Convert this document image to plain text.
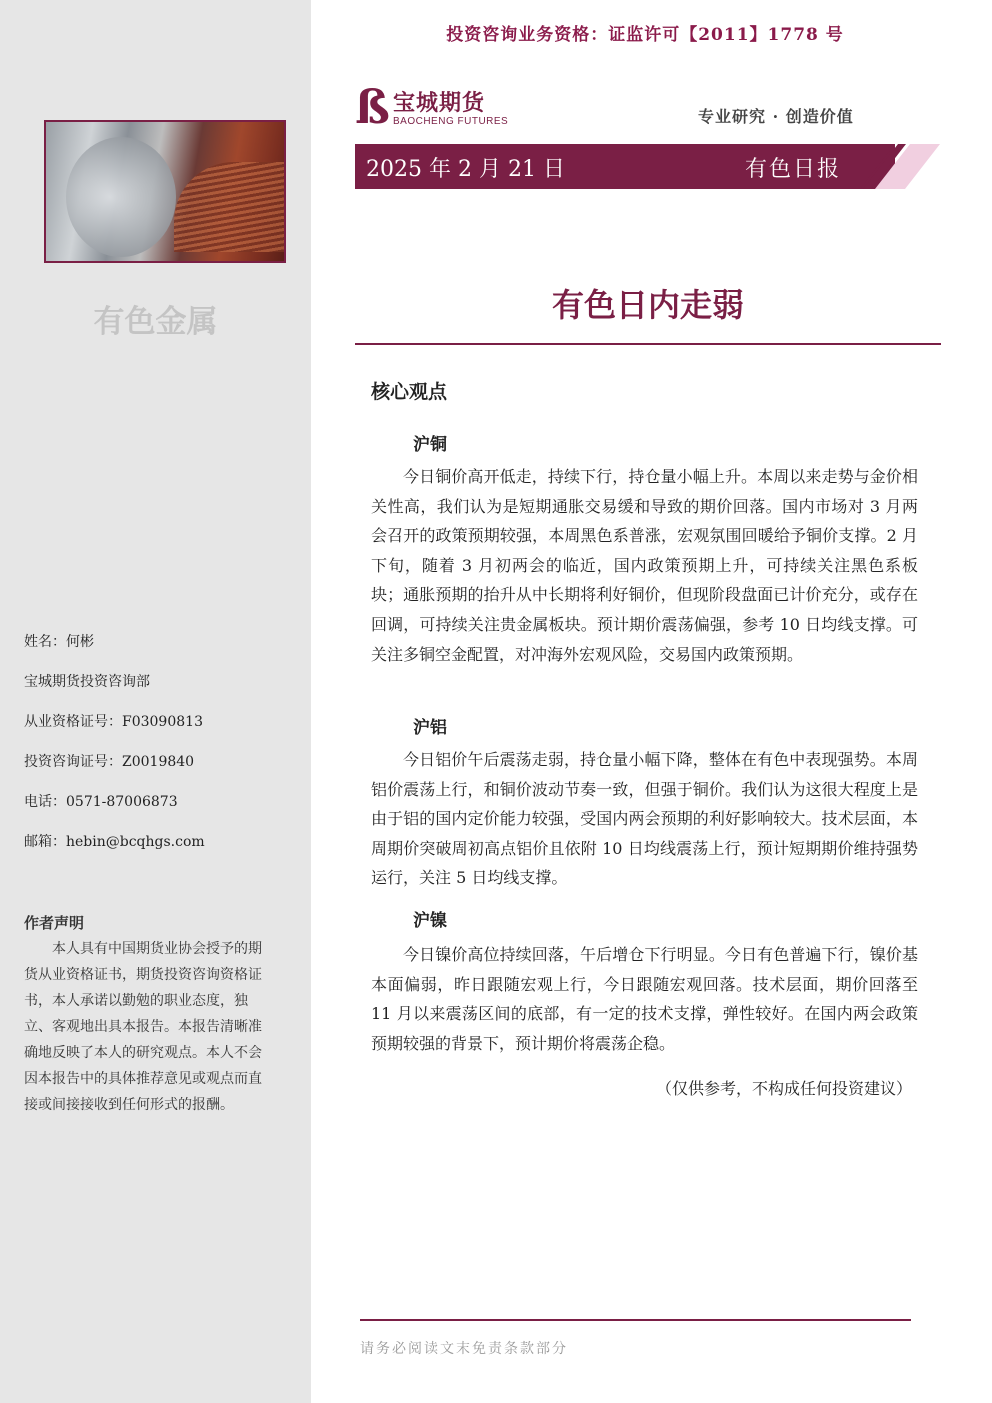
有色金属
姓名：何彬
宝城期货投资咨询部
从业资格证号：F03090813
投资咨询证号：Z0019840
电话：0571-87006873
邮箱：hebin@bcqhgs.com
作者声明
本人具有中国期货业协会授予的期货从业资格证书，期货投资咨询资格证书，本人承诺以勤勉的职业态度，独立、客观地出具本报告。本报告清晰准确地反映了本人的研究观点。本人不会因本报告中的具体推荐意见或观点而直接或间接接收到任何形式的报酬。
投资咨询业务资格：证监许可【2011】1778 号
ß 宝城期货
BAOCHENG FUTURES	专业研究 · 创造价值
2025 年 2 月 21 日	有色日报
有色日内走弱
核心观点
沪铜
今日铜价高开低走，持续下行，持仓量小幅上升。本周以来走势与金价相关性高，我们认为是短期通胀交易缓和导致的期价回落。国内市场对 3 月两会召开的政策预期较强，本周黑色系普涨，宏观氛围回暖给予铜价支撑。2 月下旬，随着 3 月初两会的临近，国内政策预期上升，可持续关注黑色系板块；通胀预期的抬升从中长期将利好铜价，但现阶段盘面已计价充分，或存在回调，可持续关注贵金属板块。预计期价震荡偏强，参考 10 日均线支撑。可关注多铜空金配置，对冲海外宏观风险，交易国内政策预期。
沪铝
今日铝价午后震荡走弱，持仓量小幅下降，整体在有色中表现强势。本周铝价震荡上行，和铜价波动节奏一致，但强于铜价。我们认为这很大程度上是由于铝的国内定价能力较强，受国内两会预期的利好影响较大。技术层面，本周期价突破周初高点铝价且依附 10 日均线震荡上行，预计短期期价维持强势运行，关注 5 日均线支撑。
沪镍
今日镍价高位持续回落，午后增仓下行明显。今日有色普遍下行，镍价基本面偏弱，昨日跟随宏观上行，今日跟随宏观回落。技术层面，期价回落至 11 月以来震荡区间的底部，有一定的技术支撑，弹性较好。在国内两会政策预期较强的背景下，预计期价将震荡企稳。
（仅供参考，不构成任何投资建议）
请务必阅读文末免责条款部分
